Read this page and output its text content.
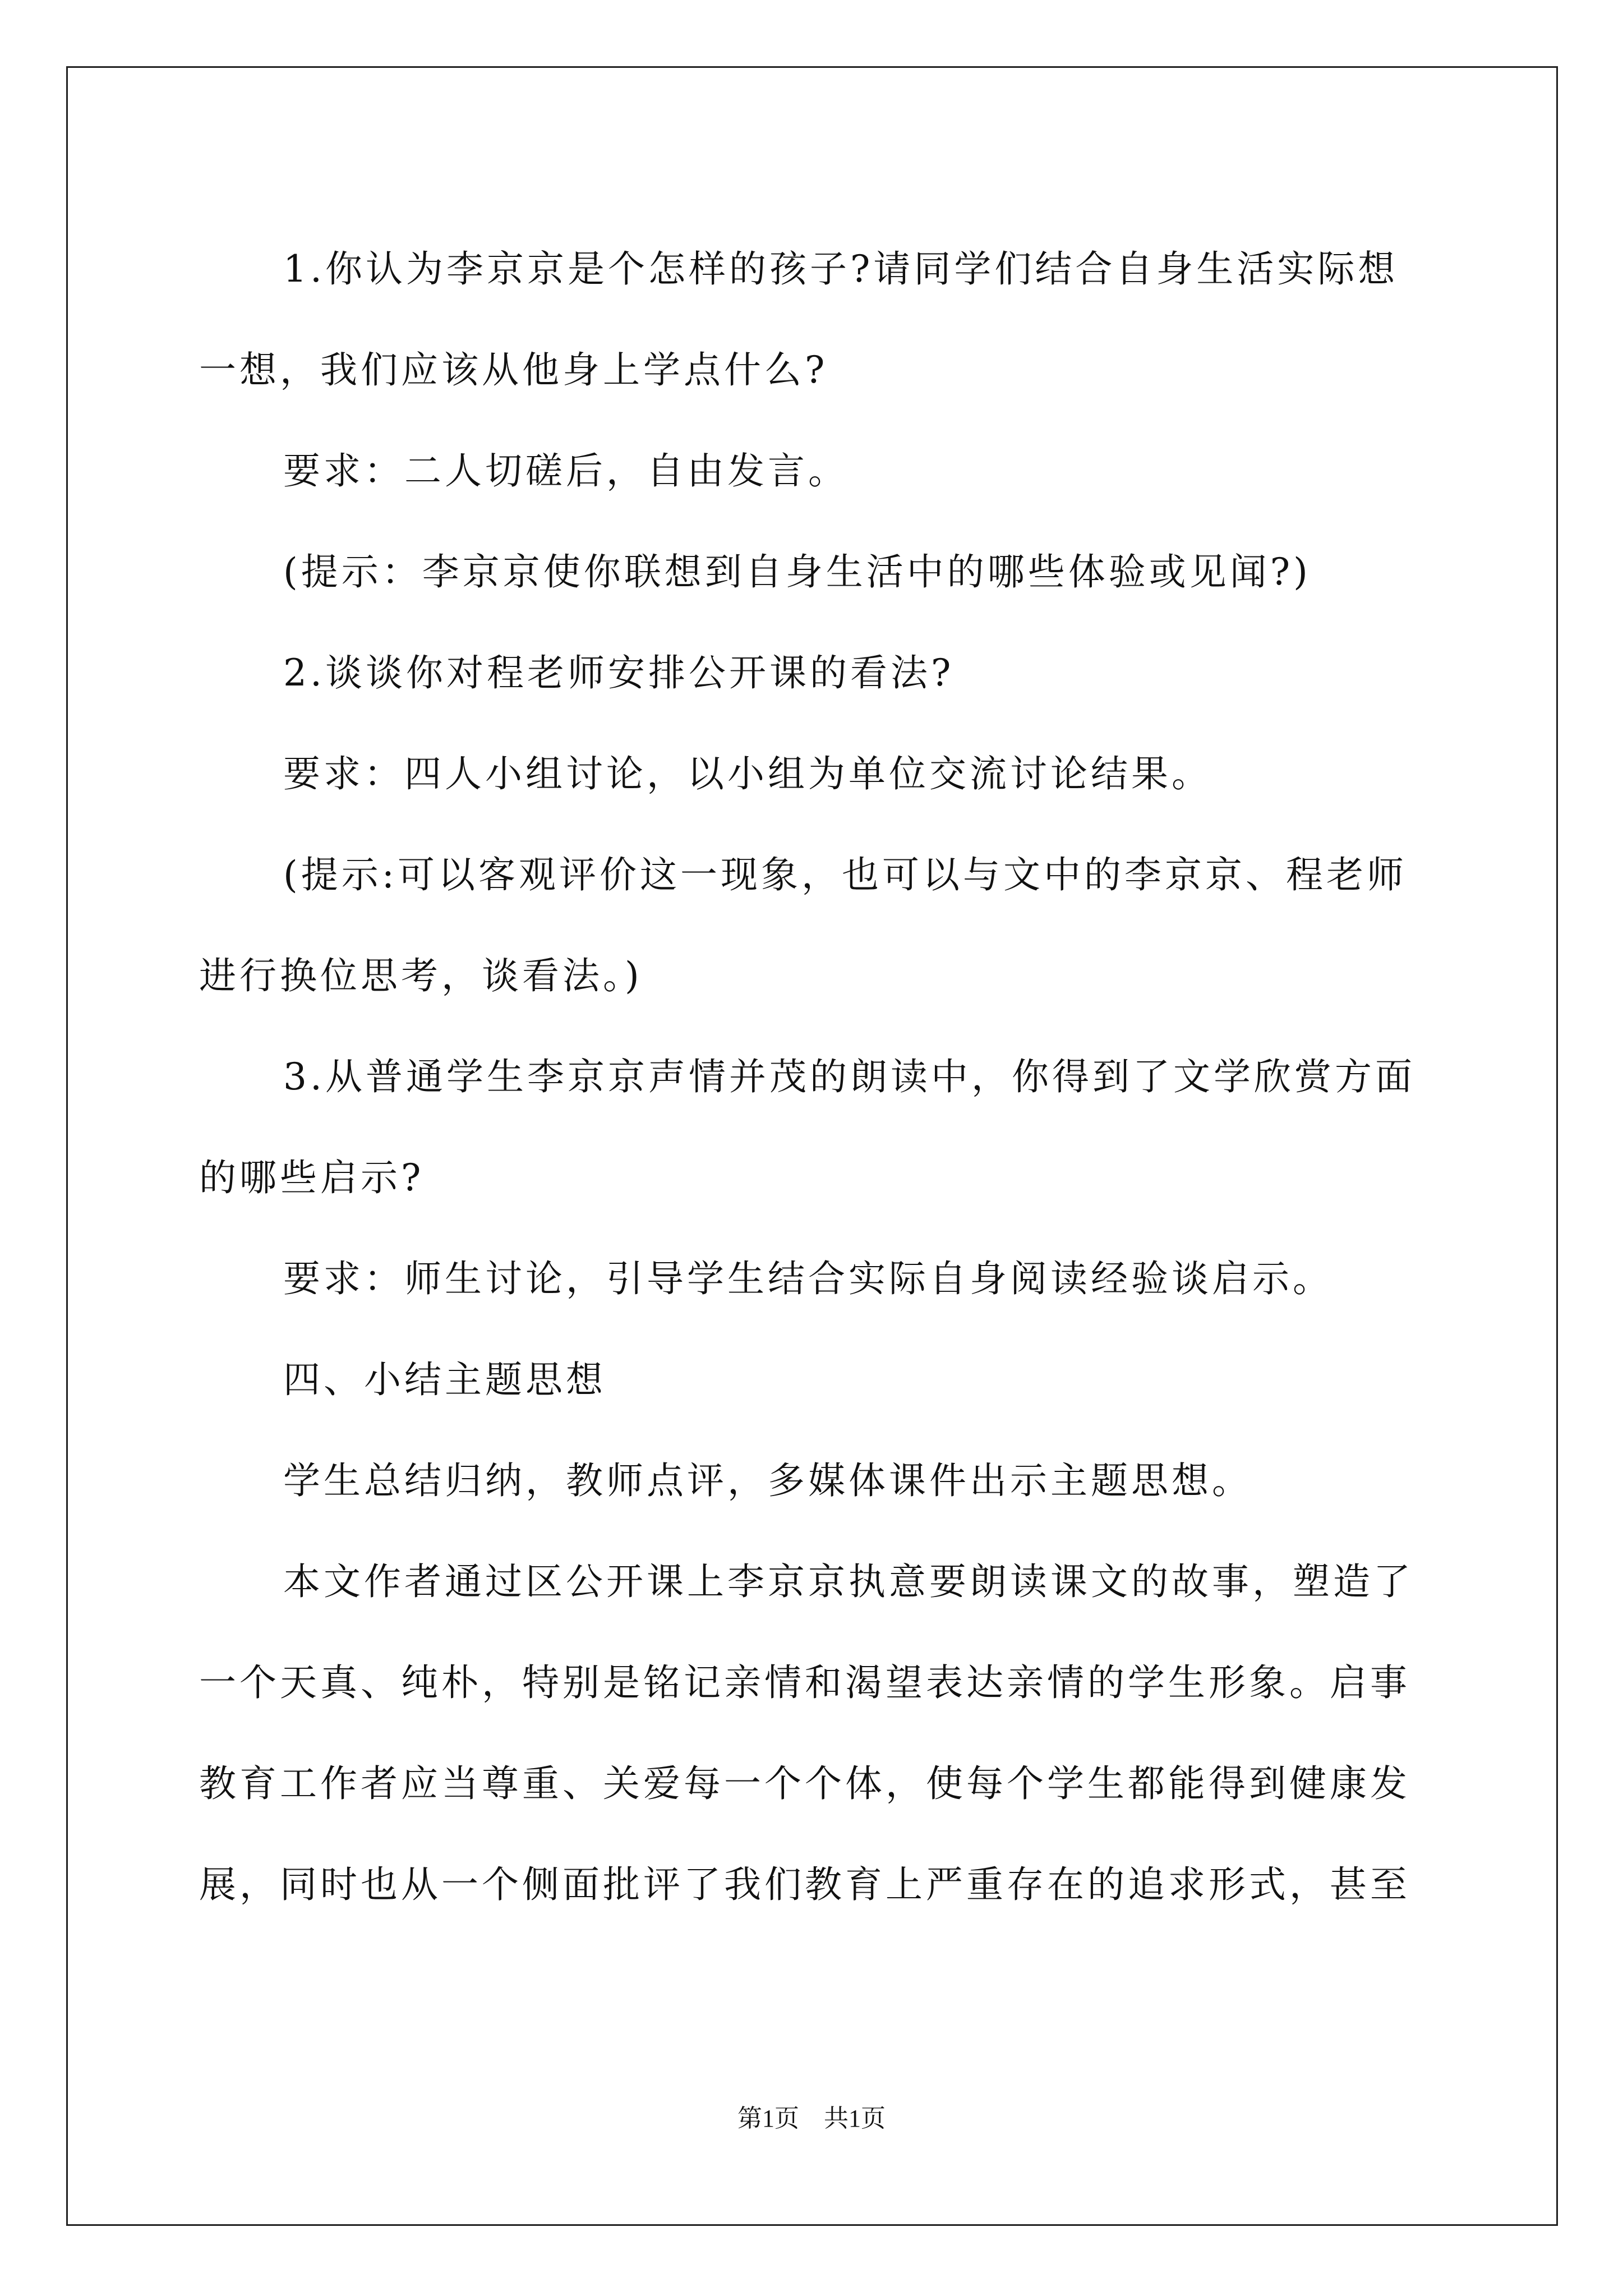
1.你认为李京京是个怎样的孩子?请同学们结合自身生活实际想一想，我们应该从他身上学点什么?

要求：二人切磋后，自由发言。

(提示：李京京使你联想到自身生活中的哪些体验或见闻?)

2.谈谈你对程老师安排公开课的看法?

要求：四人小组讨论，以小组为单位交流讨论结果。

(提示:可以客观评价这一现象，也可以与文中的李京京、程老师进行换位思考，谈看法。)

3.从普通学生李京京声情并茂的朗读中，你得到了文学欣赏方面的哪些启示?

要求：师生讨论，引导学生结合实际自身阅读经验谈启示。

四、小结主题思想

学生总结归纳，教师点评，多媒体课件出示主题思想。

本文作者通过区公开课上李京京执意要朗读课文的故事，塑造了一个天真、纯朴，特别是铭记亲情和渴望表达亲情的学生形象。启事教育工作者应当尊重、关爱每一个个体，使每个学生都能得到健康发展，同时也从一个侧面批评了我们教育上严重存在的追求形式，甚至

第1页　共1页
